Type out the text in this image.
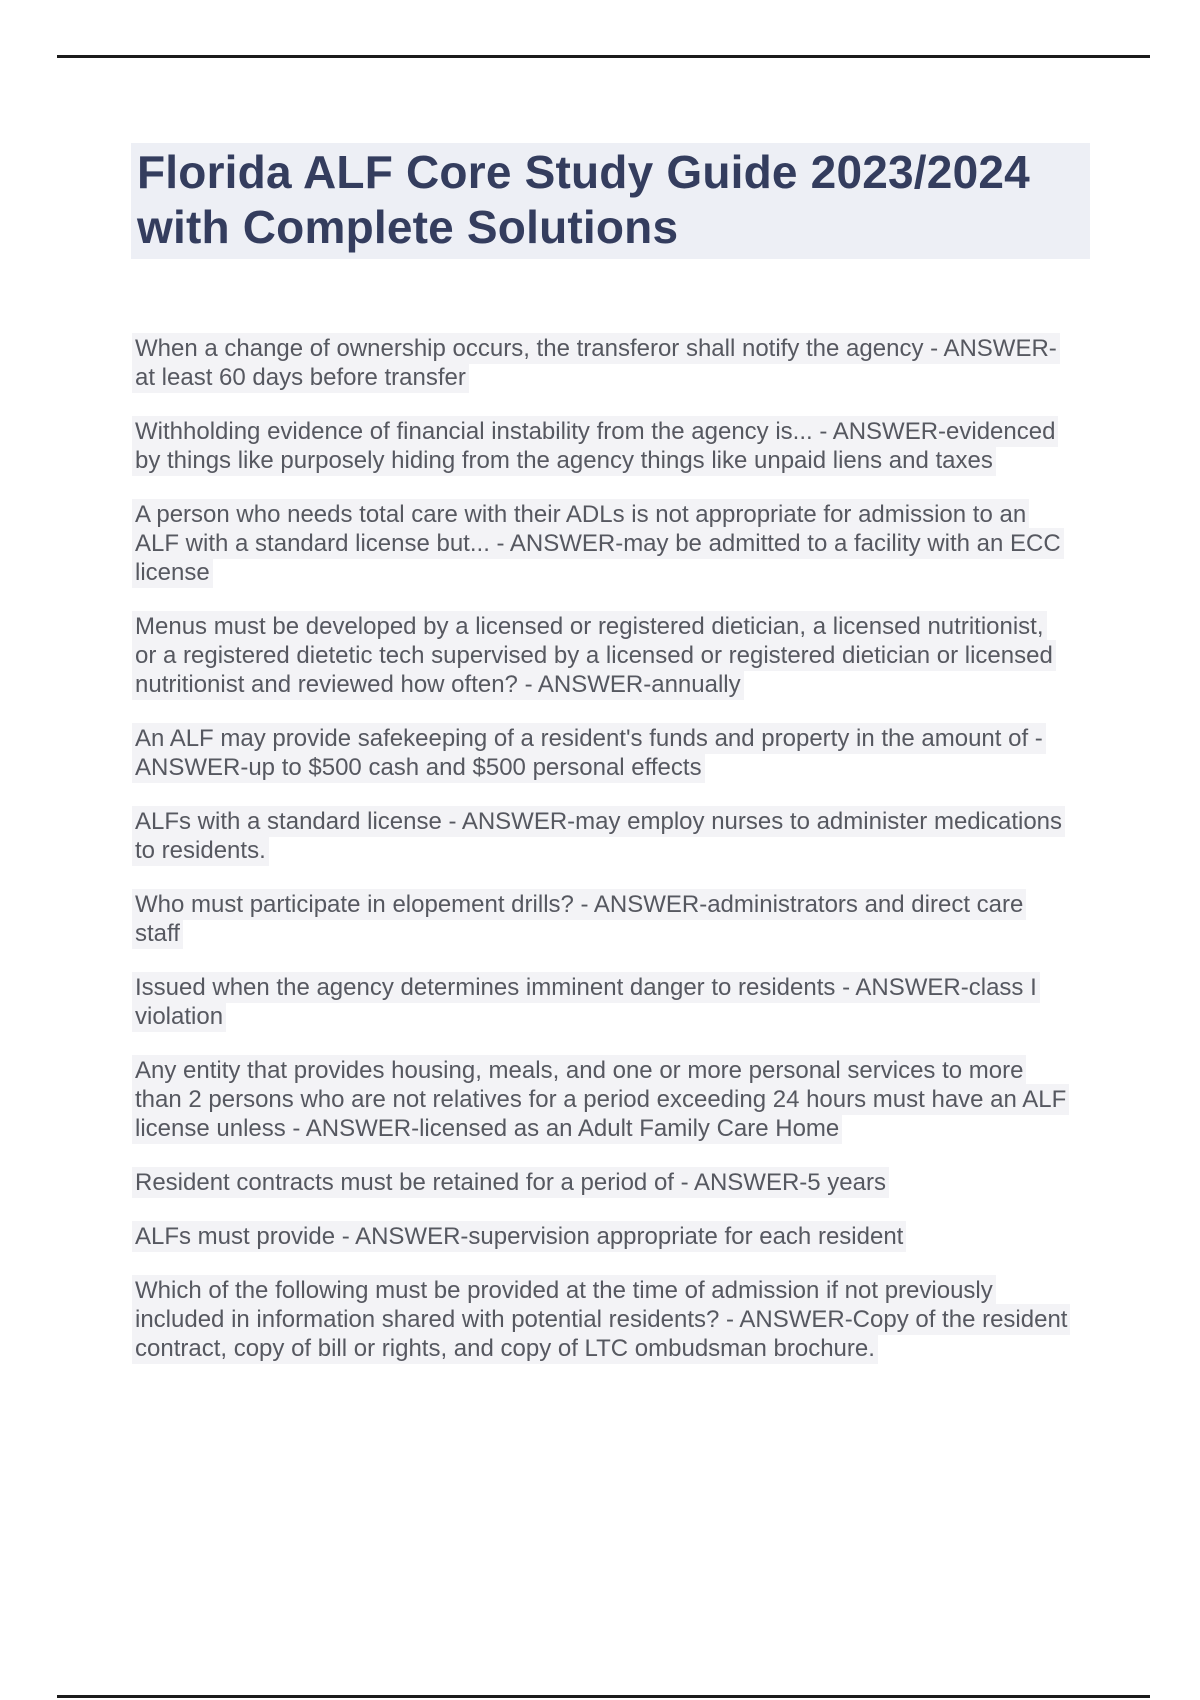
Florida ALF Core Study Guide 2023/2024
with Complete Solutions
When a change of ownership occurs, the transferor shall notify the agency - ANSWER-
at least 60 days before transfer
Withholding evidence of financial instability from the agency is... - ANSWER-evidenced
by things like purposely hiding from the agency things like unpaid liens and taxes
A person who needs total care with their ADLs is not appropriate for admission to an
ALF with a standard license but... - ANSWER-may be admitted to a facility with an ECC
license
Menus must be developed by a licensed or registered dietician, a licensed nutritionist,
or a registered dietetic tech supervised by a licensed or registered dietician or licensed
nutritionist and reviewed how often? - ANSWER-annually
An ALF may provide safekeeping of a resident's funds and property in the amount of -
ANSWER-up to $500 cash and $500 personal effects
ALFs with a standard license - ANSWER-may employ nurses to administer medications
to residents.
Who must participate in elopement drills? - ANSWER-administrators and direct care
staff
Issued when the agency determines imminent danger to residents - ANSWER-class I
violation
Any entity that provides housing, meals, and one or more personal services to more
than 2 persons who are not relatives for a period exceeding 24 hours must have an ALF
license unless - ANSWER-licensed as an Adult Family Care Home
Resident contracts must be retained for a period of - ANSWER-5 years
ALFs must provide - ANSWER-supervision appropriate for each resident
Which of the following must be provided at the time of admission if not previously
included in information shared with potential residents? - ANSWER-Copy of the resident
contract, copy of bill or rights, and copy of LTC ombudsman brochure.
